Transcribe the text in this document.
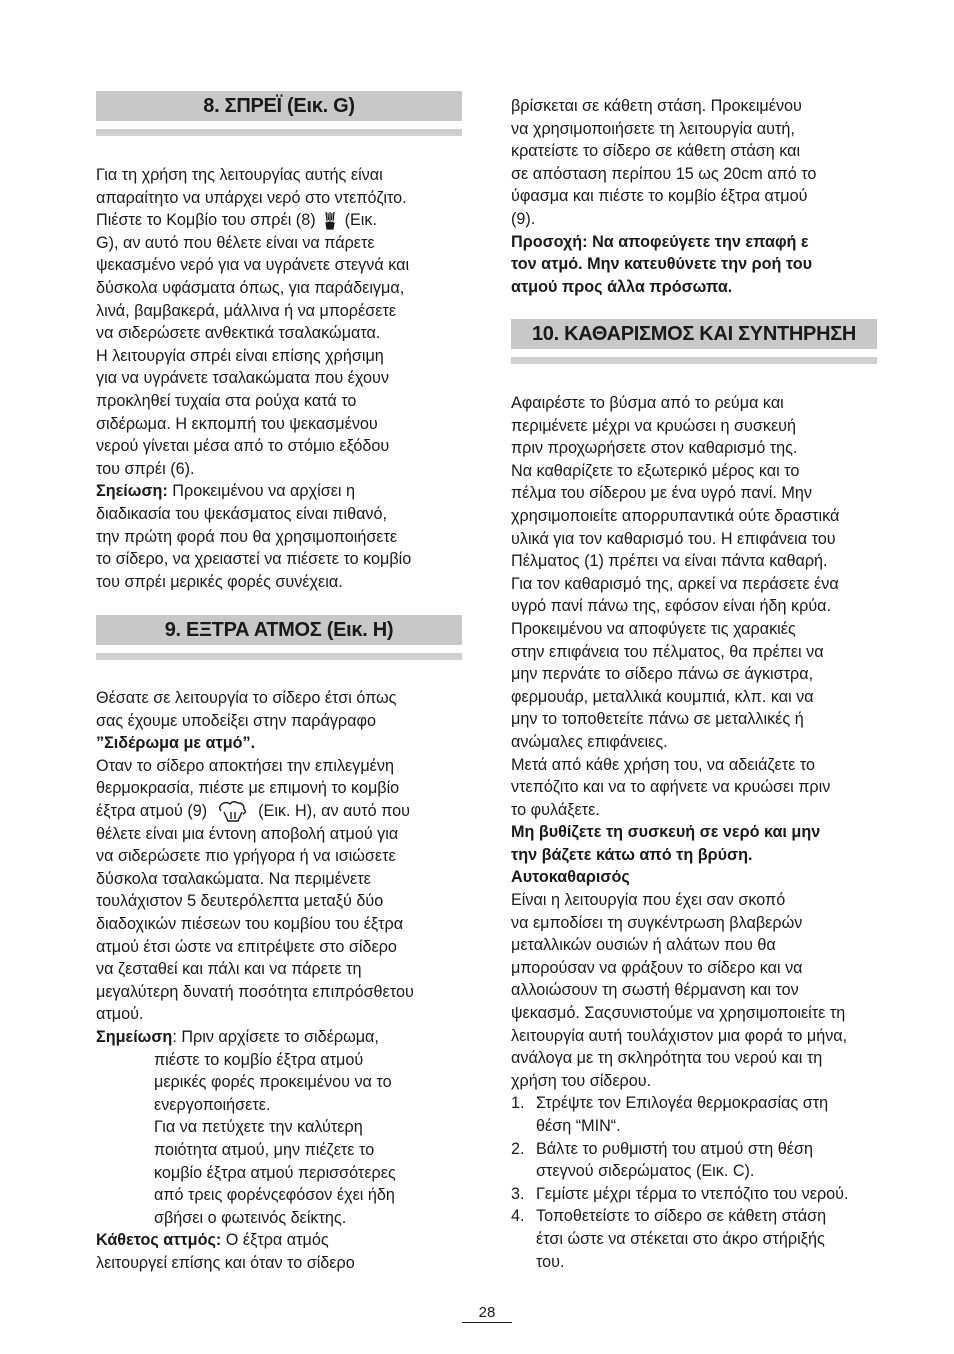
8. ΣΠΡΕΪ (Εικ. G)

Για τη χρήση της λειτουργίας αυτής είναι

απαραίτητο να υπάρχει νερό στο ντεπόζιτο.

Πιέστε το Κομβίο του σπρέι (8) (Εικ.

G), αν αυτό που θέλετε είναι να πάρετε

ψεκασμένο νερό για να υγράνετε στεγνά και

δύσκολα υφάσματα όπως, για παράδειγμα,

λινά, βαμβακερά, μάλλινα ή να μπορέσετε

να σιδερώσετε ανθεκτικά τσαλακώματα.

Η λειτουργία σπρέι είναι επίσης χρήσιμη

για να υγράνετε τσαλακώματα που έχουν

προκληθεί τυχαία στα ρούχα κατά το

σιδέρωμα. Η εκπομπή του ψεκασμένου

νερού γίνεται μέσα από το στόμιο εξόδου

του σπρέι (6).

Σηείωση: Προκειμένου να αρχίσει η

διαδικασία του ψεκάσματος είναι πιθανό,

την πρώτη φορά που θα χρησιμοποιήσετε

το σίδερο, να χρειαστεί να πιέσετε το κομβίο

του σπρέι μερικές φορές συνέχεια.

9. ΕΞΤΡΑ ΑΤΜΟΣ (Εικ. H)

Θέσατε σε λειτουργία το σίδερο έτσι όπως

σας έχουμε υποδείξει στην παράγραφο

”Σιδέρωμα με ατμό”.

Οταν το σίδερο αποκτήσει την επιλεγμένη

θερμοκρασία, πιέστε με επιμονή το κομβίο

έξτρα ατμού (9)	(Εικ. H), αν αυτό που

θέλετε είναι μια έντονη αποβολή ατμού για

να σιδερώσετε πιο γρήγορα ή να ισιώσετε

δύσκολα τσαλακώματα. Να περιμένετε

τουλάχιστον 5 δευτερόλεπτα μεταξύ δύο

διαδοχικών πιέσεων του κομβίου του έξτρα

ατμού έτσι ώστε να επιτρέψετε στο σίδερο

να ζεσταθεί και πάλι και να πάρετε τη

μεγαλύτερη δυνατή ποσότητα επιπρόσθετου

ατμού.

Σημείωση: Πριν αρχίσετε το σιδέρωμα,

πιέστε το κομβίο έξτρα ατμού

μερικές φορές προκειμένου να το

ενεργοποιήσετε.

Για να πετύχετε την καλύτερη

ποιότητα ατμού, μην πιέζετε το

κομβίο έξτρα ατμού περισσότερες

από τρεις φορένςεφόσον έχει ήδη

σβήσει ο φωτεινός δείκτης.

Κάθετος αττμός: Ο έξτρα ατμός

λειτουργεί επίσης και όταν το σίδερο

βρίσκεται σε κάθετη στάση. Προκειμένου

να χρησιμοποιήσετε τη λειτουργία αυτή,

κρατείστε το σίδερο σε κάθετη στάση και

σε απόσταση περίπου 15 ως 20cm από το

ύφασμα και πιέστε το κομβίο έξτρα ατμού

(9).

Προσοχή: Να αποφεύγετε την επαφή ε

τον ατμό. Μην κατευθύνετε την ροή του

ατμού προς άλλα πρόσωπα.

10. ΚΑΘΑΡΙΣΜΟΣ ΚΑΙ ΣΥΝΤΗΡΗΣΗ

Αφαιρέστε το βύσμα από το ρεύμα και

περιμένετε μέχρι να κρυώσει η συσκευή

πριν προχωρήσετε στον καθαρισμό της.

Να καθαρίζετε το εξωτερικό μέρος και το

πέλμα του σίδερου με ένα υγρό πανί. Μην

χρησιμοποιείτε απορρυπαντικά ούτε δραστικά

υλικά για τον καθαρισμό του. Η επιφάνεια του

Πέλματος (1) πρέπει να είναι πάντα καθαρή.

Για τον καθαρισμό της, αρκεί να περάσετε ένα

υγρό πανί πάνω της, εφόσον είναι ήδη κρύα.

Προκειμένου να αποφύγετε τις χαρακιές

στην επιφάνεια του πέλματος, θα πρέπει να

μην περνάτε το σίδερο πάνω σε άγκιστρα,

φερμουάρ, μεταλλικά κουμπιά, κλπ. και να

μην το τοποθετείτε πάνω σε μεταλλικές ή

ανώμαλες επιφάνειες.

Μετά από κάθε χρήση του, να αδειάζετε το

ντεπόζιτο και να το αφήνετε να κρυώσει πριν

το φυλάξετε.

Μη βυθίζετε τη συσκευή σε νερό και μην

την βάζετε κάτω από τη βρύση.

Αυτοκαθαρισός

Είναι η λειτουργία που έχει σαν σκοπό

να εμποδίσει τη συγκέντρωση βλαβερών

μεταλλικών ουσιών ή αλάτων που θα

μπορούσαν να φράξουν το σίδερο και να

αλλοιώσουν τη σωστή θέρμανση και τον

ψεκασμό. Σαςσυνιστούμε να χρησιμοποιείτε τη

λειτουργία αυτή τουλάχιστον μια φορά το μήνα,

ανάλογα με τη σκληρότητα του νερού και τη

χρήση του σίδερου.

1. Στρέψτε τον Επιλογέα θερμοκρασίας στη
θέση “MIN“.
2. Βάλτε το ρυθμιστή του ατμού στη θέση
στεγνού σιδερώματος (Εικ. C).
3. Γεμίστε μέχρι τέρμα το ντεπόζιτο του νερού.
4. Τοποθετείστε το σίδερο σε κάθετη στάση
έτσι ώστε να στέκεται στο άκρο στήριξής
του.
28
